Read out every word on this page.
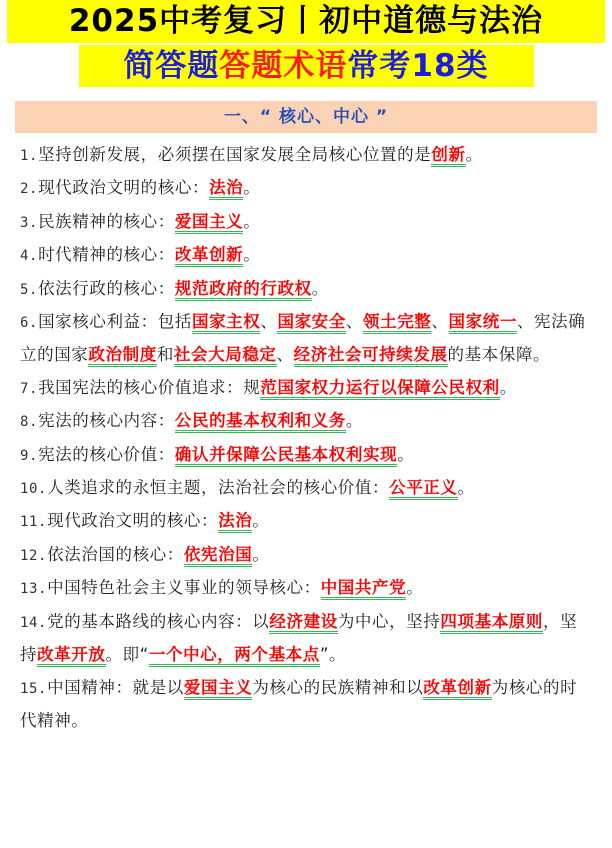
2025中考复习丨初中道德与法治
简答题答题术语常考18类
一、“ 核心、中心 ”
1.坚持创新发展，必须摆在国家发展全局核心位置的是创新。
2.现代政治文明的核心：法治。
3.民族精神的核心：爱国主义。
4.时代精神的核心：改革创新。
5.依法行政的核心：规范政府的行政权。
6.国家核心利益：包括国家主权、国家安全、领土完整、国家统一、宪法确立的国家政治制度和社会大局稳定、经济社会可持续发展的基本保障。
7.我国宪法的核心价值追求：规范国家权力运行以保障公民权利。
8.宪法的核心内容：公民的基本权利和义务。
9.宪法的核心价值：确认并保障公民基本权利实现。
10.人类追求的永恒主题，法治社会的核心价值：公平正义。
11.现代政治文明的核心：法治。
12.依法治国的核心：依宪治国。
13.中国特色社会主义事业的领导核心：中国共产党。
14.党的基本路线的核心内容：以经济建设为中心，坚持四项基本原则，坚持改革开放。即“一个中心，两个基本点”。
15.中国精神：就是以爱国主义为核心的民族精神和以改革创新为核心的时代精神。
